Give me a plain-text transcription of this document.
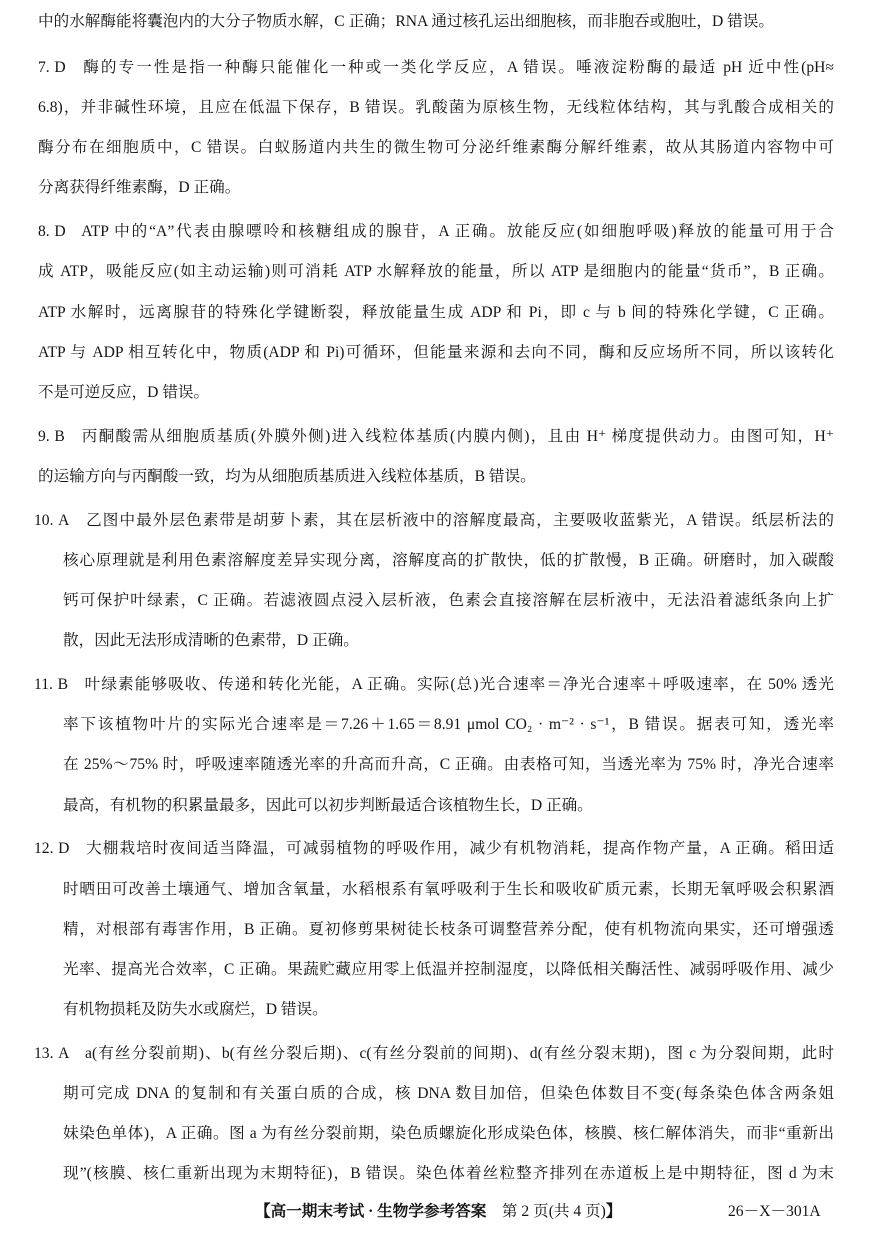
中的水解酶能将囊泡内的大分子物质水解，C 正确；RNA 通过核孔运出细胞核，而非胞吞或胞吐，D 错误。
7. D 酶的专一性是指一种酶只能催化一种或一类化学反应，A 错误。唾液淀粉酶的最适 pH 近中性(pH≈
6.8)，并非碱性环境，且应在低温下保存，B 错误。乳酸菌为原核生物，无线粒体结构，其与乳酸合成相关的
酶分布在细胞质中，C 错误。白蚁肠道内共生的微生物可分泌纤维素酶分解纤维素，故从其肠道内容物中可
分离获得纤维素酶，D 正确。
8. D ATP 中的“A”代表由腺嘌呤和核糖组成的腺苷，A 正确。放能反应(如细胞呼吸)释放的能量可用于合
成 ATP，吸能反应(如主动运输)则可消耗 ATP 水解释放的能量，所以 ATP 是细胞内的能量“货币”，B 正确。
ATP 水解时，远离腺苷的特殊化学键断裂，释放能量生成 ADP 和 Pi，即 c 与 b 间的特殊化学键，C 正确。
ATP 与 ADP 相互转化中，物质(ADP 和 Pi)可循环，但能量来源和去向不同，酶和反应场所不同，所以该转化
不是可逆反应，D 错误。
9. B 丙酮酸需从细胞质基质(外膜外侧)进入线粒体基质(内膜内侧)，且由 H⁺ 梯度提供动力。由图可知，H⁺
的运输方向与丙酮酸一致，均为从细胞质基质进入线粒体基质，B 错误。
10. A 乙图中最外层色素带是胡萝卜素，其在层析液中的溶解度最高，主要吸收蓝紫光，A 错误。纸层析法的
核心原理就是利用色素溶解度差异实现分离，溶解度高的扩散快，低的扩散慢，B 正确。研磨时，加入碳酸
钙可保护叶绿素，C 正确。若滤液圆点浸入层析液，色素会直接溶解在层析液中，无法沿着滤纸条向上扩
散，因此无法形成清晰的色素带，D 正确。
11. B 叶绿素能够吸收、传递和转化光能，A 正确。实际(总)光合速率＝净光合速率＋呼吸速率，在 50% 透光
率下该植物叶片的实际光合速率是＝7.26＋1.65＝8.91 μmol CO₂ · m⁻² · s⁻¹，B 错误。据表可知，透光率
在 25%～75% 时，呼吸速率随透光率的升高而升高，C 正确。由表格可知，当透光率为 75% 时，净光合速率
最高，有机物的积累量最多，因此可以初步判断最适合该植物生长，D 正确。
12. D 大棚栽培时夜间适当降温，可减弱植物的呼吸作用，减少有机物消耗，提高作物产量，A 正确。稻田适
时晒田可改善土壤通气、增加含氧量，水稻根系有氧呼吸利于生长和吸收矿质元素，长期无氧呼吸会积累酒
精，对根部有毒害作用，B 正确。夏初修剪果树徒长枝条可调整营养分配，使有机物流向果实，还可增强透
光率、提高光合效率，C 正确。果蔬贮藏应用零上低温并控制湿度，以降低相关酶活性、减弱呼吸作用、减少
有机物损耗及防失水或腐烂，D 错误。
13. A a(有丝分裂前期)、b(有丝分裂后期)、c(有丝分裂前的间期)、d(有丝分裂末期)，图 c 为分裂间期，此时
期可完成 DNA 的复制和有关蛋白质的合成，核 DNA 数目加倍，但染色体数目不变(每条染色体含两条姐
妹染色单体)，A 正确。图 a 为有丝分裂前期，染色质螺旋化形成染色体，核膜、核仁解体消失，而非“重新出
现”(核膜、核仁重新出现为末期特征)，B 错误。染色体着丝粒整齐排列在赤道板上是中期特征，图 d 为末
【高一期末考试 · 生物学参考答案 第 2 页(共 4 页)】	26－X－301A
